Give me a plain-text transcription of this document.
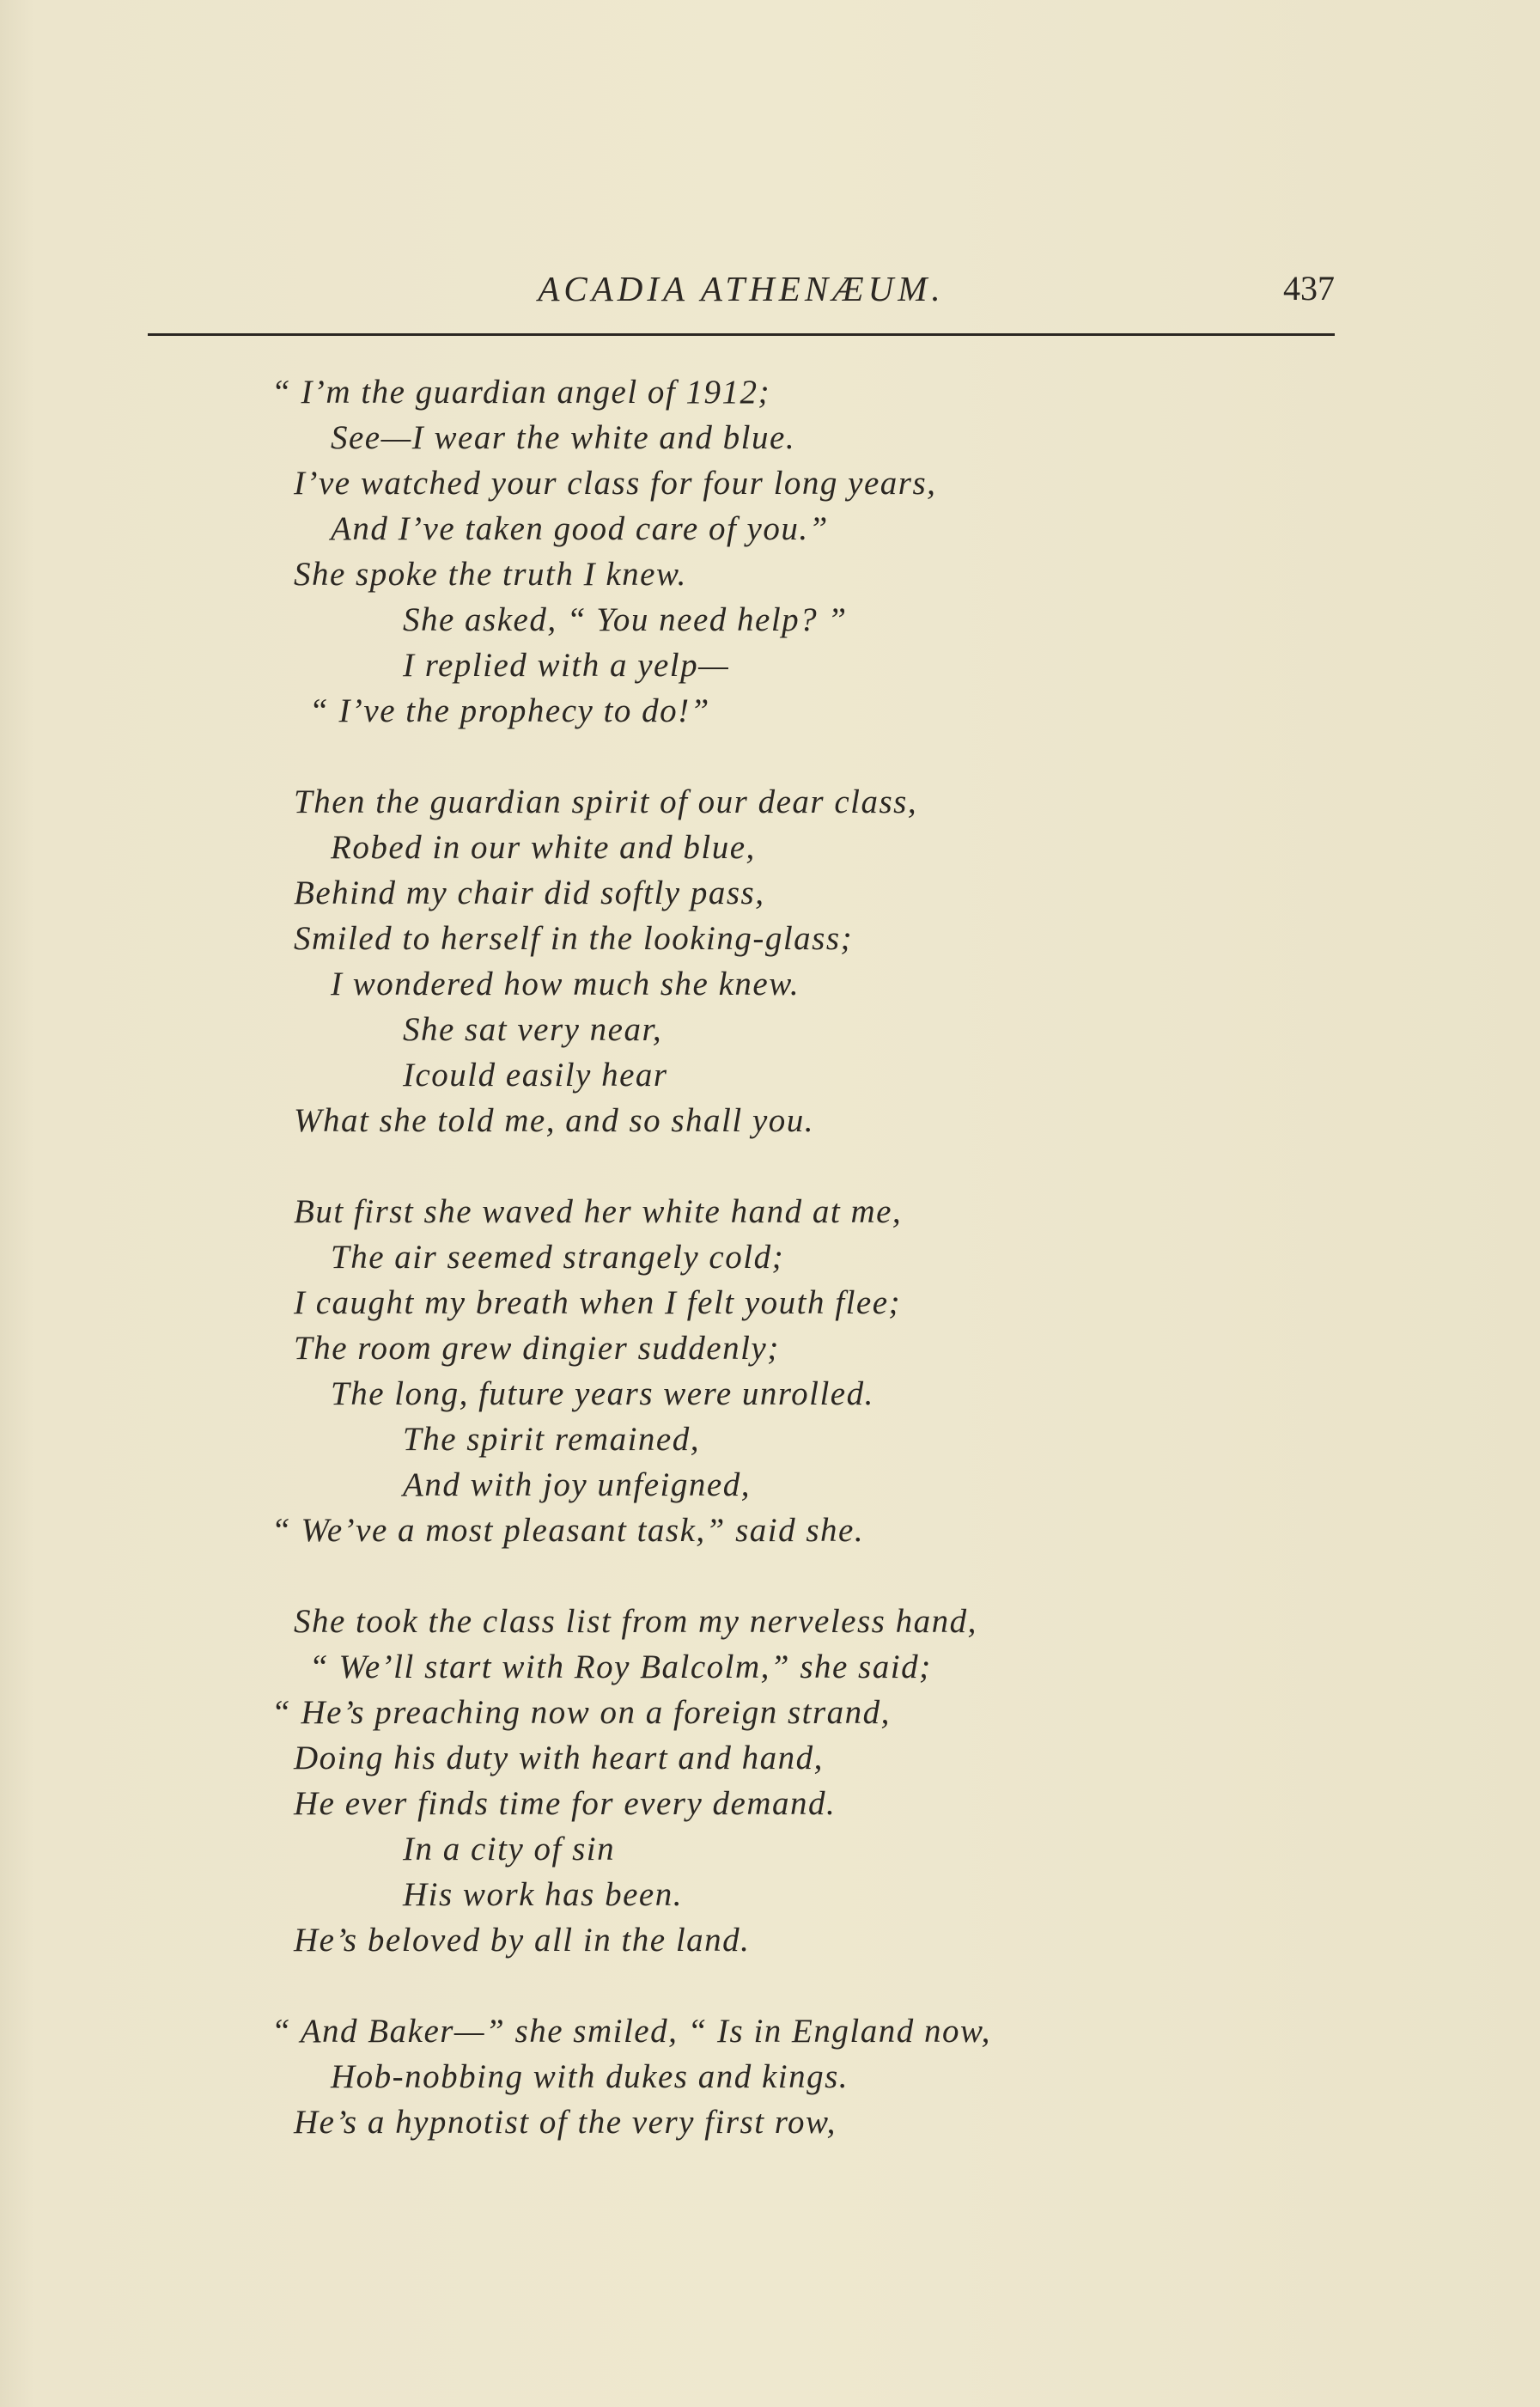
ACADIA ATHENÆUM.	437
“ I’m the guardian angel of 1912;
See—I wear the white and blue.
I’ve watched your class for four long years,
And I’ve taken good care of you.”
She spoke the truth I knew.
She asked, “ You need help? ”
I replied with a yelp—
“ I’ve the prophecy to do!”
Then the guardian spirit of our dear class,
Robed in our white and blue,
Behind my chair did softly pass,
Smiled to herself in the looking-glass;
I wondered how much she knew.
She sat very near,
Icould easily hear
What she told me, and so shall you.
But first she waved her white hand at me,
The air seemed strangely cold;
I caught my breath when I felt youth flee;
The room grew dingier suddenly;
The long, future years were unrolled.
The spirit remained,
And with joy unfeigned,
“ We’ve a most pleasant task,” said she.
She took the class list from my nerveless hand,
“ We’ll start with Roy Balcolm,” she said;
“ He’s preaching now on a foreign strand,
Doing his duty with heart and hand,
He ever finds time for every demand.
In a city of sin
His work has been.
He’s beloved by all in the land.
“ And Baker—” she smiled, “ Is in England now,
Hob-nobbing with dukes and kings.
He’s a hypnotist of the very first row,
